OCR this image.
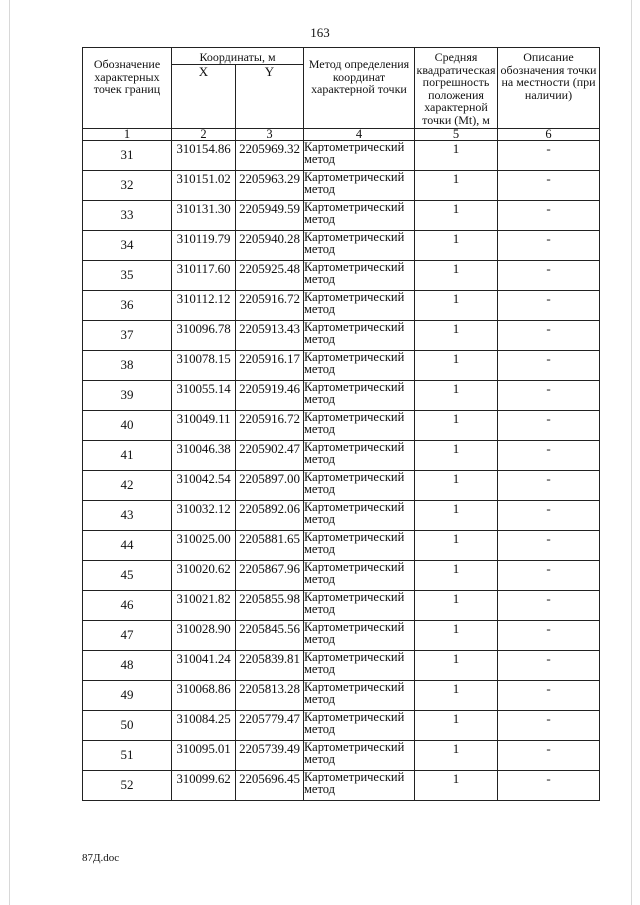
163
Обозначение характерных точек границ	Координаты, м		Метод определения координат характерной точки	Средняя квадратическая погрешность положения характерной точки (Mt), м	Описание обозначения точки на местности (при наличии)
	X	Y			
1	2	3	4	5	6
31	310154.86	2205969.32	Картометрический метод	1	-
32	310151.02	2205963.29	Картометрический метод	1	-
33	310131.30	2205949.59	Картометрический метод	1	-
34	310119.79	2205940.28	Картометрический метод	1	-
35	310117.60	2205925.48	Картометрический метод	1	-
36	310112.12	2205916.72	Картометрический метод	1	-
37	310096.78	2205913.43	Картометрический метод	1	-
38	310078.15	2205916.17	Картометрический метод	1	-
39	310055.14	2205919.46	Картометрический метод	1	-
40	310049.11	2205916.72	Картометрический метод	1	-
41	310046.38	2205902.47	Картометрический метод	1	-
42	310042.54	2205897.00	Картометрический метод	1	-
43	310032.12	2205892.06	Картометрический метод	1	-
44	310025.00	2205881.65	Картометрический метод	1	-
45	310020.62	2205867.96	Картометрический метод	1	-
46	310021.82	2205855.98	Картометрический метод	1	-
47	310028.90	2205845.56	Картометрический метод	1	-
48	310041.24	2205839.81	Картометрический метод	1	-
49	310068.86	2205813.28	Картометрический метод	1	-
50	310084.25	2205779.47	Картометрический метод	1	-
51	310095.01	2205739.49	Картометрический метод	1	-
52	310099.62	2205696.45	Картометрический метод	1	-
87Д.doc
